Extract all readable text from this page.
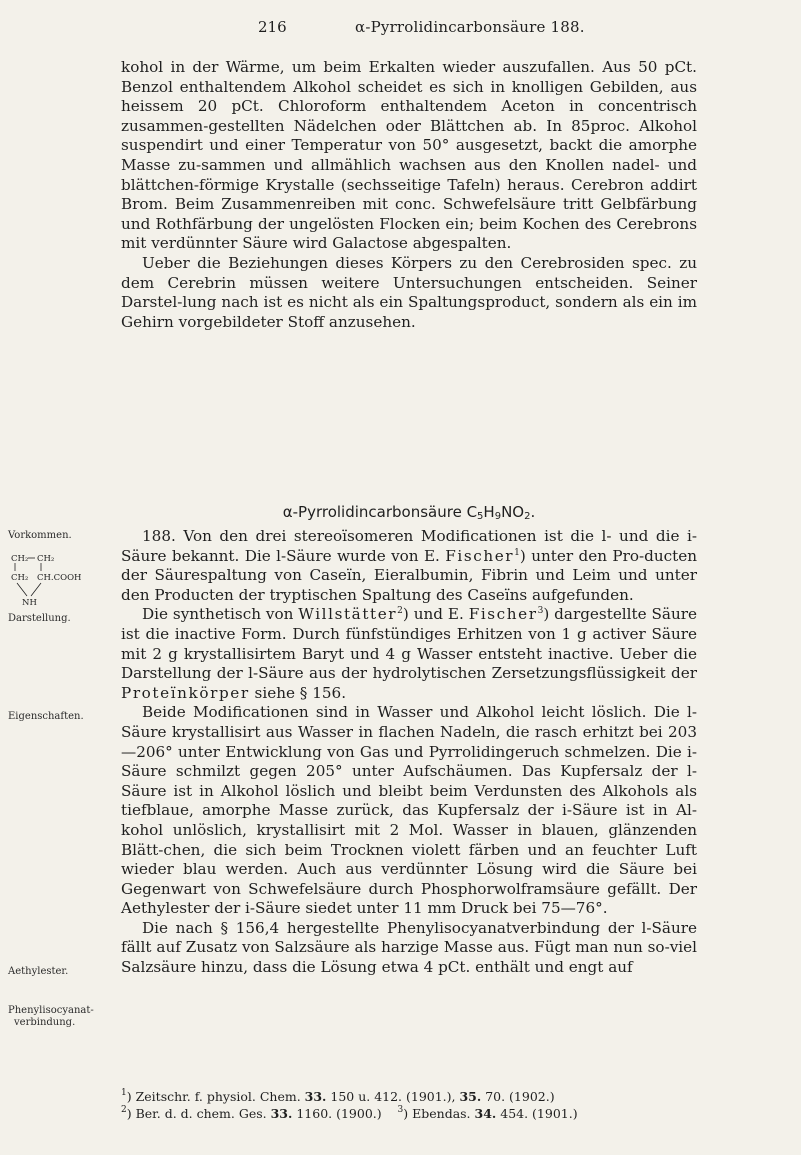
216	α-Pyrrolidincarbonsäure 188.

kohol in der Wärme, um beim Erkalten wieder auszufallen. Aus 50 pCt. Benzol enthaltendem Alkohol scheidet es sich in knolligen Gebilden, aus heissem 20 pCt. Chloroform enthaltendem Aceton in concentrisch zusammen-gestellten Nädelchen oder Blättchen ab. In 85proc. Alkohol suspendirt und einer Temperatur von 50° ausgesetzt, backt die amorphe Masse zu-sammen und allmählich wachsen aus den Knollen nadel- und blättchen-förmige Krystalle (sechsseitige Tafeln) heraus. Cerebron addirt Brom. Beim Zusammenreiben mit conc. Schwefelsäure tritt Gelbfärbung und Rothfärbung der ungelösten Flocken ein; beim Kochen des Cerebrons mit verdünnter Säure wird Galactose abgespalten.

Ueber die Beziehungen dieses Körpers zu den Cerebrosiden spec. zu dem Cerebrin müssen weitere Untersuchungen entscheiden. Seiner Darstel-lung nach ist es nicht als ein Spaltungsproduct, sondern als ein im Gehirn vorgebildeter Stoff anzusehen.

α-Pyrrolidincarbonsäure $C_5H_9NO_2$.

188. Von den drei stereoïsomeren Modificationen ist die l- und die i-Säure bekannt. Die l-Säure wurde von E. Fischer$^1$) unter den Pro-ducten der Säurespaltung von Caseïn, Eieralbumin, Fibrin und Leim und unter den Producten der tryptischen Spaltung des Caseïns aufgefunden.

Die synthetisch von Willstätter$^2$) und E. Fischer$^3$) dargestellte Säure ist die inactive Form. Durch fünfstündiges Erhitzen von 1 g activer Säure mit 2 g krystallisirtem Baryt und 4 g Wasser entsteht inactive. Ueber die Darstellung der l-Säure aus der hydrolytischen Zersetzungsflüssigkeit der Proteïnkörper siehe § 156.

Beide Modificationen sind in Wasser und Alkohol leicht löslich. Die l-Säure krystallisirt aus Wasser in flachen Nadeln, die rasch erhitzt bei 203—206° unter Entwicklung von Gas und Pyrrolidingeruch schmelzen. Die i-Säure schmilzt gegen 205° unter Aufschäumen. Das Kupfersalz der l-Säure ist in Alkohol löslich und bleibt beim Verdunsten des Alkohols als tiefblaue, amorphe Masse zurück, das Kupfersalz der i-Säure ist in Al-kohol unlöslich, krystallisirt mit 2 Mol. Wasser in blauen, glänzenden Blätt-chen, die sich beim Trocknen violett färben und an feuchter Luft wieder blau werden. Auch aus verdünnter Lösung wird die Säure bei Gegenwart von Schwefelsäure durch Phosphorwolframsäure gefällt. Der Aethylester der i-Säure siedet unter 11 mm Druck bei 75—76°.

Die nach § 156,4 hergestellte Phenylisocyanatverbindung der l-Säure fällt auf Zusatz von Salzsäure als harzige Masse aus. Fügt man nun so-viel Salzsäure hinzu, dass die Lösung etwa 4 pCt. enthält und engt auf

Vorkommen.
CH₂ CH₂
CH₂ CH.COOH
NH
Darstellung.
Eigenschaften.
Aethylester.
Phenylisocyanat-
verbindung.
$^1$) Zeitschr. f. physiol. Chem. 33. 150 u. 412. (1901.), 35. 70. (1902.)
$^2$) Ber. d. d. chem. Ges. 33. 1160. (1900.)    $^3$) Ebendas. 34. 454. (1901.)
